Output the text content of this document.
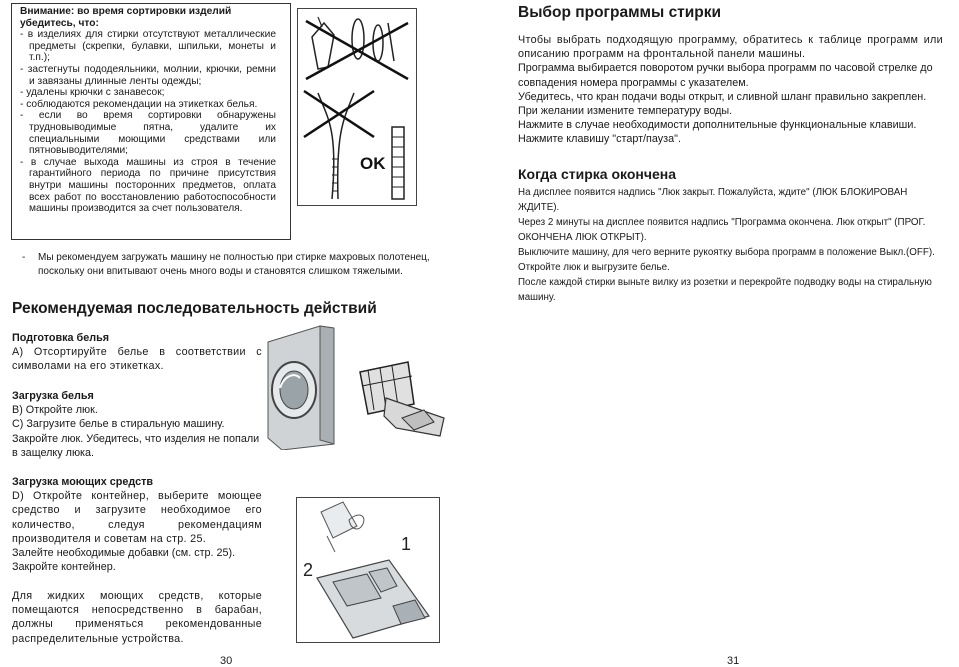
Внимание: во время сортировки изделий
убедитесь, что:

- в изделиях для стирки отсутствуют металлические предметы (скрепки, булавки, шпильки, монеты и т.п.);

- застегнуты пододеяльники, молнии, крючки, ремни и завязаны длинные ленты одежды;

- удалены крючки с занавесок;

- соблюдаются рекомендации на этикетках белья.

- если во время сортировки обнаружены трудновыводимые пятна, удалите их специальными моющими средствами или пятновыводителями;

- в случае выхода машины из строя в течение гарантийного периода по причине присутствия внутри машины посторонних предметов, оплата всех работ по восстановлению работоспособности машины производится за счет пользователя.

OK
-	Мы рекомендуем загружать машину не полностью при стирке махровых полотенец, поскольку они впитывают очень много воды и становятся слишком тяжелыми.
Рекомендуемая последовательность действий
Подготовка белья

А) Отсортируйте белье в соответствии с символами на его этикетках.

Загрузка белья

B) Откройте люк.

C) Загрузите белье в стиральную машину. Закройте люк. Убедитесь, что изделия не попали в защелку люка.

Загрузка моющих средств

D) Откройте контейнер, выберите моющее средство и загрузите необходимое его количество, следуя рекомендациям производителя и советам на стр. 25.

Залейте необходимые добавки (см. стр. 25).

Закройте контейнер.

Для жидких моющих средств, которые помещаются непосредственно в барабан, должны применяться рекомендованные распределительные устройства.
1
2
30
Выбор программы стирки

Чтобы выбрать подходящую программу, обратитесь к таблице программ или описанию программ на фронтальной панели машины.

Программа выбирается поворотом ручки выбора программ по часовой стрелке до совпадения номера программы с указателем.

Убедитесь, что кран подачи воды открыт, и сливной шланг правильно закреплен.

При желании измените температуру воды.

Нажмите в случае необходимости дополнительные функциональные клавиши.

Нажмите клавишу "старт/пауза".

Когда стирка окончена

На дисплее появится надпись "Люк закрыт. Пожалуйста, ждите" (ЛЮК БЛОКИРОВАН ЖДИТЕ).

Через 2 минуты на дисплее появится надпись "Программа окончена. Люк открыт" (ПРОГ. ОКОНЧЕНА ЛЮК ОТКРЫТ).

Выключите машину, для чего верните рукоятку выбора программ в положение Выкл.(OFF).

Откройте люк и выгрузите белье.

После каждой стирки выньте вилку из розетки и перекройте подводку воды на стиральную машину.

31
